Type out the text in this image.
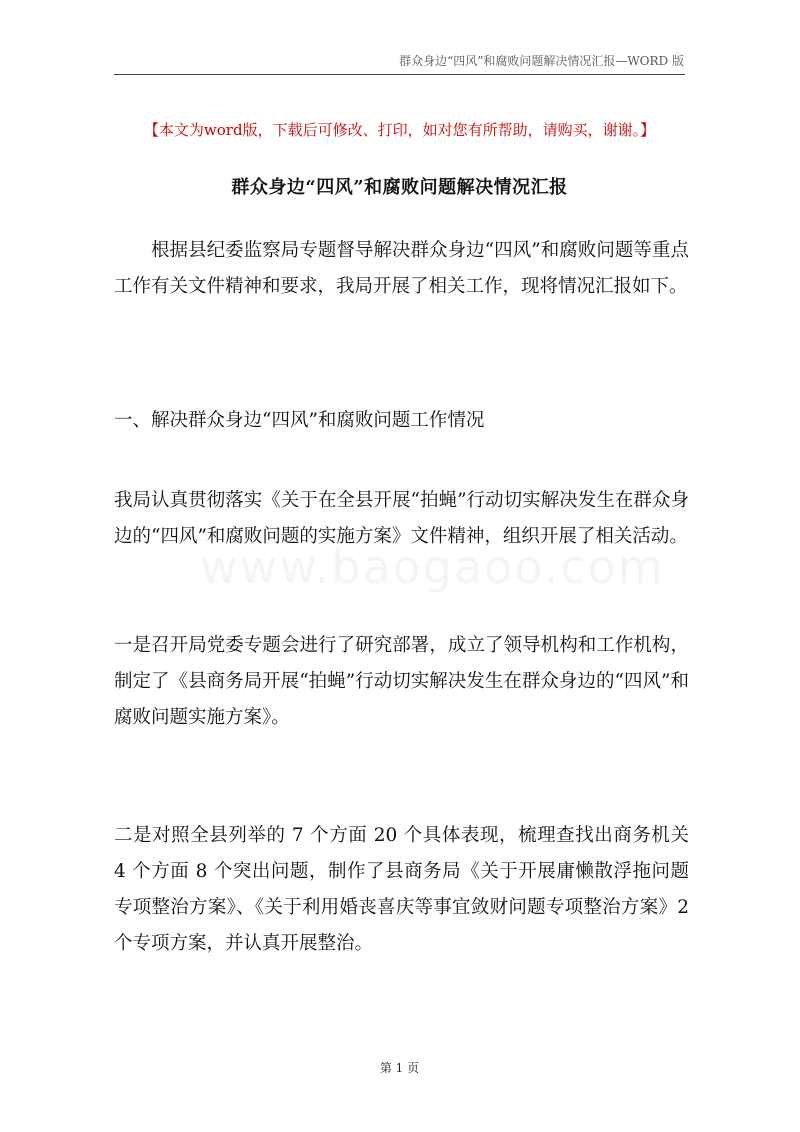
群众身边“四风”和腐败问题解决情况汇报—WORD 版
【本文为word版，下载后可修改、打印，如对您有所帮助，请购买，谢谢。】
群众身边“四风”和腐败问题解决情况汇报

根据县纪委监察局专题督导解决群众身边“四风”和腐败问题等重点工作有关文件精神和要求，我局开展了相关工作，现将情况汇报如下。

一、解决群众身边“四风”和腐败问题工作情况

我局认真贯彻落实《关于在全县开展“拍蝇”行动切实解决发生在群众身边的“四风”和腐败问题的实施方案》文件精神，组织开展了相关活动。

一是召开局党委专题会进行了研究部署，成立了领导机构和工作机构，制定了《县商务局开展“拍蝇”行动切实解决发生在群众身边的“四风”和腐败问题实施方案》。

二是对照全县列举的 7 个方面 20 个具体表现，梳理查找出商务机关 4 个方面 8 个突出问题，制作了县商务局《关于开展庸懒散浮拖问题专项整治方案》、《关于利用婚丧喜庆等事宜敛财问题专项整治方案》2 个专项方案，并认真开展整治。

第 1 页
